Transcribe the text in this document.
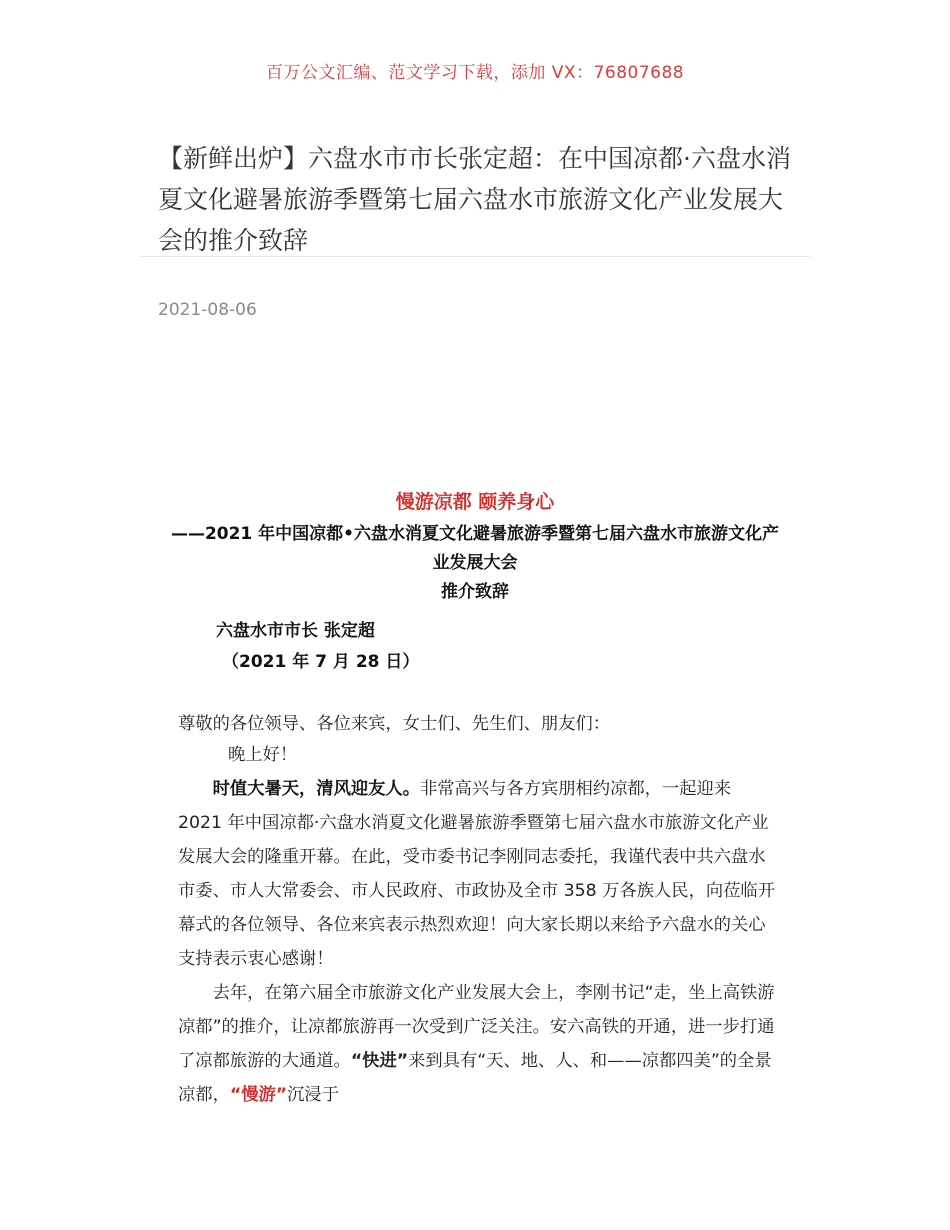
百万公文汇编、范文学习下载，添加 VX：76807688
【新鲜出炉】六盘水市市长张定超：在中国凉都·六盘水消夏文化避暑旅游季暨第七届六盘水市旅游文化产业发展大会的推介致辞
2021-08-06
慢游凉都 颐养身心
——2021 年中国凉都•六盘水消夏文化避暑旅游季暨第七届六盘水市旅游文化产业发展大会
推介致辞
六盘水市市长 张定超
（2021 年 7 月 28 日）
尊敬的各位领导、各位来宾，女士们、先生们、朋友们：
晚上好！
时值大暑天，清风迎友人。非常高兴与各方宾朋相约凉都，一起迎来 2021 年中国凉都·六盘水消夏文化避暑旅游季暨第七届六盘水市旅游文化产业发展大会的隆重开幕。在此，受市委书记李刚同志委托，我谨代表中共六盘水市委、市人大常委会、市人民政府、市政协及全市 358 万各族人民，向莅临开幕式的各位领导、各位来宾表示热烈欢迎！向大家长期以来给予六盘水的关心支持表示衷心感谢！
去年，在第六届全市旅游文化产业发展大会上，李刚书记“走，坐上高铁游凉都”的推介，让凉都旅游再一次受到广泛关注。安六高铁的开通，进一步打通了凉都旅游的大通道。“快进”来到具有“天、地、人、和——凉都四美”的全景凉都，“慢游”沉浸于
